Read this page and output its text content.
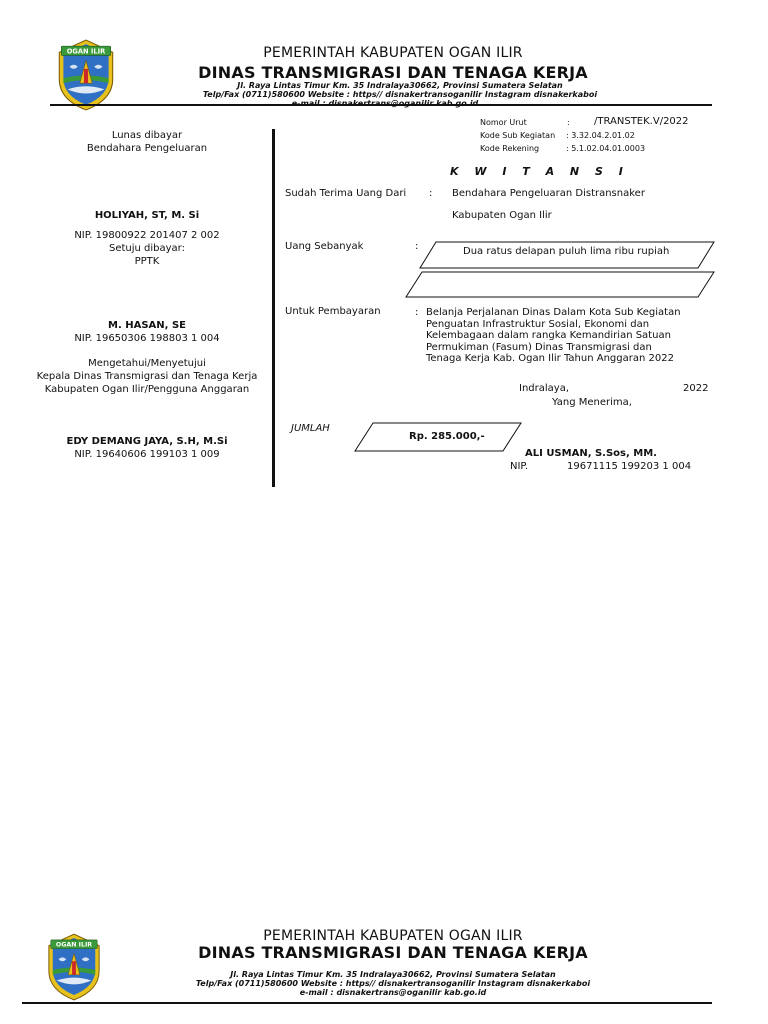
PEMERINTAH KABUPATEN OGAN ILIR
DINAS TRANSMIGRASI DAN TENAGA KERJA
Jl. Raya Lintas Timur Km. 35 Indralaya30662, Provinsi Sumatera Selatan
Telp/Fax (0711)580600 Website : https// disnakertransoganilir Instagram disnakerkaboi
Lunas dibayar
Bendahara Pengeluaran
HOLIYAH, ST, M. Si
NIP. 19800922 201407 2 002
Setuju dibayar:
PPTK
M. HASAN, SE
NIP. 19650306 198803 1 004
Mengetahui/Menyetujui
Kepala Dinas Transmigrasi dan Tenaga Kerja
Kabupaten Ogan Ilir/Pengguna Anggaran
EDY DEMANG JAYA, S.H, M.Si
NIP. 19640606 199103 1 009
Nomor Urut	: /TRANSTEK.V/2022
Kode Sub Kegiatan : 3.32.04.2.01.02
Kode Rekening	: 5.1.02.04.01.0003
K W I T A N S I
Sudah Terima Uang Dari : Bendahara Pengeluaran Distransnaker
Kabupaten Ogan Ilir
Uang Sebanyak	:	Dua ratus delapan puluh lima ribu rupiah
Untuk Pembayaran	: Belanja Perjalanan Dinas Dalam Kota Sub Kegiatan
Penguatan Infrastruktur Sosial, Ekonomi dan
Kelembagaan dalam rangka Kemandirian Satuan
Permukiman (Fasum) Dinas Transmigrasi dan
Tenaga Kerja Kab. Ogan Ilir Tahun Anggaran 2022
Indralaya,	2022
Yang Menerima,
JUMLAH
Rp. 285.000,-
ALI USMAN, S.Sos, MM.
NIP.	19671115 199203 1 004
PEMERINTAH KABUPATEN OGAN ILIR
DINAS TRANSMIGRASI DAN TENAGA KERJA
Jl. Raya Lintas Timur Km. 35 Indralaya30662, Provinsi Sumatera Selatan
Telp/Fax (0711)580600 Website : https// disnakertransoganilir Instagram disnakerkaboi
e-mail : disnakertrans@oganilir kab.go.id
